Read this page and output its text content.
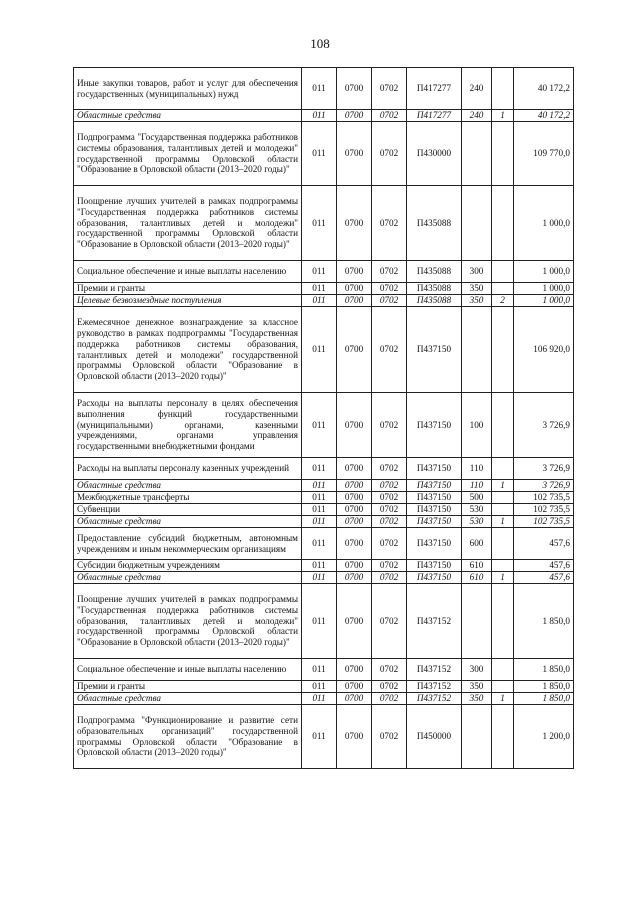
108
Иные закупки товаров, работ и услуг для обеспечения государственных (муниципальных) нужд	011	0700	0702	П417277	240		40 172,2
Областные средства	011	0700	0702	П417277	240	1	40 172,2
Подпрограмма "Государственная поддержка работников системы образования, талантливых детей и молодежи" государственной программы Орловской области "Образование в Орловской области (2013–2020 годы)"	011	0700	0702	П430000			109 770,0
Поощрение лучших учителей в рамках подпрограммы "Государственная поддержка работников системы образования, талантливых детей и молодежи" государственной программы Орловской области "Образование в Орловской области (2013–2020 годы)"	011	0700	0702	П435088			1 000,0
Социальное обеспечение и иные выплаты населению	011	0700	0702	П435088	300		1 000,0
Премии и гранты	011	0700	0702	П435088	350		1 000,0
Целевые безвозмездные поступления	011	0700	0702	П435088	350	2	1 000,0
Ежемесячное денежное вознаграждение за классное руководство в рамках подпрограммы "Государственная поддержка работников системы образования, талантливых детей и молодежи" государственной программы Орловской области "Образование в Орловской области (2013–2020 годы)"	011	0700	0702	П437150			106 920,0
Расходы на выплаты персоналу в целях обеспечения выполнения функций государственными (муниципальными) органами, казенными учреждениями, органами управления государственными внебюджетными фондами	011	0700	0702	П437150	100		3 726,9
Расходы на выплаты персоналу казенных учреждений	011	0700	0702	П437150	110		3 726,9
Областные средства	011	0700	0702	П437150	110	1	3 726,9
Межбюджетные трансферты	011	0700	0702	П437150	500		102 735,5
Субвенции	011	0700	0702	П437150	530		102 735,5
Областные средства	011	0700	0702	П437150	530	1	102 735,5
Предоставление субсидий бюджетным, автономным учреждениям и иным некоммерческим организациям	011	0700	0702	П437150	600		457,6
Субсидии бюджетным учреждениям	011	0700	0702	П437150	610		457,6
Областные средства	011	0700	0702	П437150	610	1	457,6
Поощрение лучших учителей в рамках подпрограммы "Государственная поддержка работников системы образования, талантливых детей и молодежи" государственной программы Орловской области "Образование в Орловской области (2013–2020 годы)"	011	0700	0702	П437152			1 850,0
Социальное обеспечение и иные выплаты населению	011	0700	0702	П437152	300		1 850,0
Премии и гранты	011	0700	0702	П437152	350		1 850,0
Областные средства	011	0700	0702	П437152	350	1	1 850,0
Подпрограмма "Функционирование и развитие сети образовательных организаций" государственной программы Орловской области "Образование в Орловской области (2013–2020 годы)"	011	0700	0702	П450000			1 200,0
